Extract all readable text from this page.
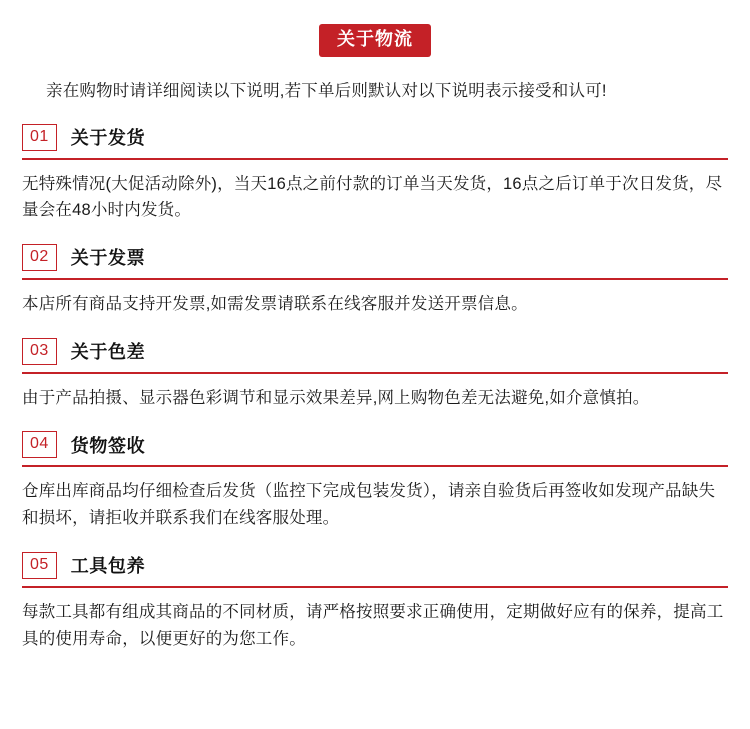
关于物流
亲在购物时请详细阅读以下说明,若下单后则默认对以下说明表示接受和认可!
01	关于发货
无特殊情况(大促活动除外)，当天16点之前付款的订单当天发货，16点之后订单于次日发货，尽量会在48小时内发货。
02	关于发票
本店所有商品支持开发票,如需发票请联系在线客服并发送开票信息。
03	关于色差
由于产品拍摄、显示器色彩调节和显示效果差异,网上购物色差无法避免,如介意慎拍。
04	货物签收
仓库出库商品均仔细检查后发货（监控下完成包装发货），请亲自验货后再签收如发现产品缺失和损坏，请拒收并联系我们在线客服处理。
05	工具包养
每款工具都有组成其商品的不同材质，请严格按照要求正确使用，定期做好应有的保养，提高工具的使用寿命，以便更好的为您工作。
